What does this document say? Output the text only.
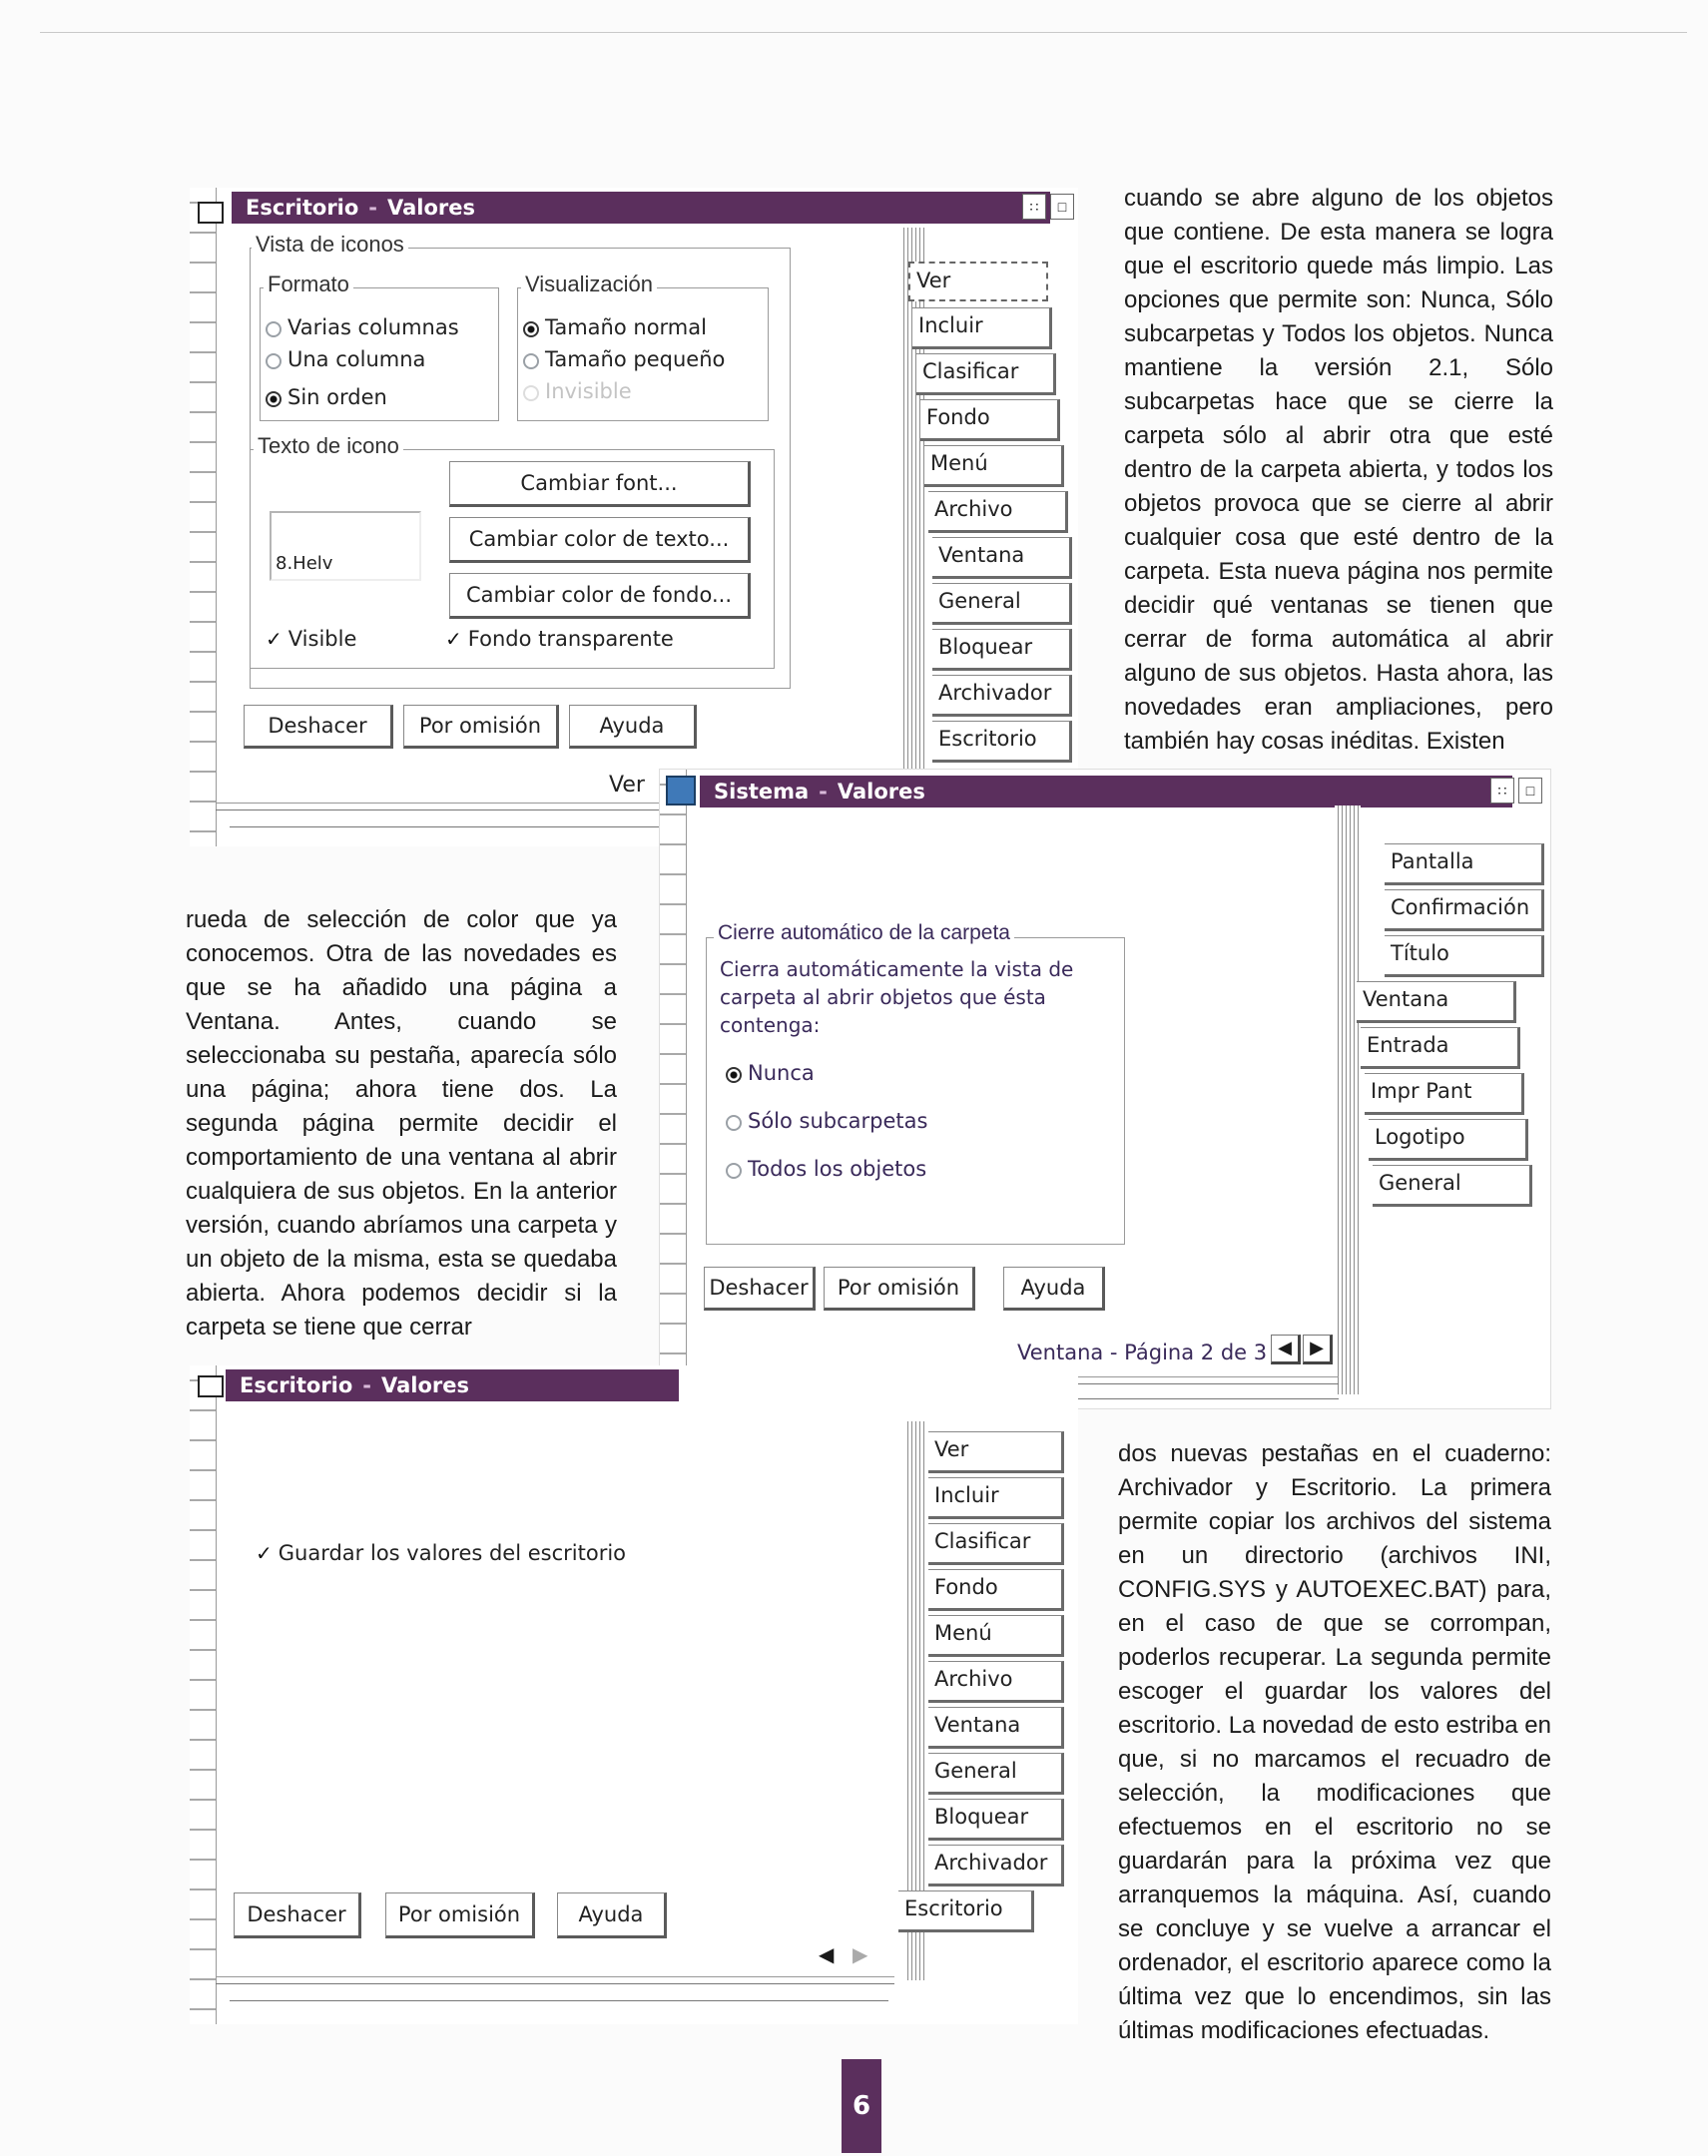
Escritorio - Valores	∷	□
Vista de iconos
Formato
Varias columnas
Una columna
Sin orden
Visualización
Tamaño normal
Tamaño pequeño
Invisible
Texto de icono
8.Helv
Cambiar font...
Cambiar color de texto...
Cambiar color de fondo...
✓ Visible	✓ Fondo transparente
Deshacer	Por omisión	Ayuda
Ver
Incluir
Clasificar
Fondo
Menú
Archivo
Ventana
General
Bloquear
Archivador
Escritorio
Ver	Sistema - Valores	∷	□
Cierre automático de la carpeta
Cierra automáticamente la vista de carpeta al abrir objetos que ésta contenga:
Nunca
Sólo subcarpetas
Todos los objetos
Deshacer	Por omisión	Ayuda
Ventana - Página 2 de 3 ◀	▶
Pantalla
Confirmación
Título
Ventana
Entrada
Impr Pant
Logotipo
General
Escritorio - Valores
✓ Guardar los valores del escritorio
Deshacer	Por omisión	Ayuda
Ver
Incluir
Clasificar
Fondo
Menú
Archivo
Ventana
General
Bloquear
Archivador
Escritorio
◀ ▶
cuando se abre alguno de los objetos que contiene. De esta manera se logra que el escritorio quede más limpio. Las opciones que permite son: Nunca, Sólo subcarpetas y Todos los objetos. Nunca mantiene la versión 2.1, Sólo subcarpetas hace que se cierre la carpeta sólo al abrir otra que esté dentro de la carpeta abierta, y todos los objetos provoca que se cierre al abrir cualquier cosa que esté dentro de la carpeta. Esta nueva página nos permite decidir qué ventanas se tienen que cerrar de forma automática al abrir alguno de sus objetos. Hasta ahora, las novedades eran ampliaciones, pero también hay cosas inéditas. Existen
rueda de selección de color que ya conocemos. Otra de las novedades es que se ha añadido una página a Ventana. Antes, cuando se seleccionaba su pestaña, aparecía sólo una página; ahora tiene dos. La segunda página permite decidir el comportamiento de una ventana al abrir cualquiera de sus objetos. En la anterior versión, cuando abríamos una carpeta y un objeto de la misma, esta se quedaba abierta. Ahora podemos decidir si la carpeta se tiene que cerrar
dos nuevas pestañas en el cuaderno: Archivador y Escritorio. La primera permite copiar los archivos del sistema en un directorio (archivos INI, CONFIG.SYS y AUTOEXEC.BAT) para, en el caso de que se corrompan, poderlos recuperar. La segunda permite escoger el guardar los valores del escritorio. La novedad de esto estriba en que, si no marcamos el recuadro de selección, la modificaciones que efectuemos en el escritorio no se guardarán para la próxima vez que arranquemos la máquina. Así, cuando se concluye y se vuelve a arrancar el ordenador, el escritorio aparece como la última vez que lo encendimos, sin las últimas modificaciones efectuadas.
6
